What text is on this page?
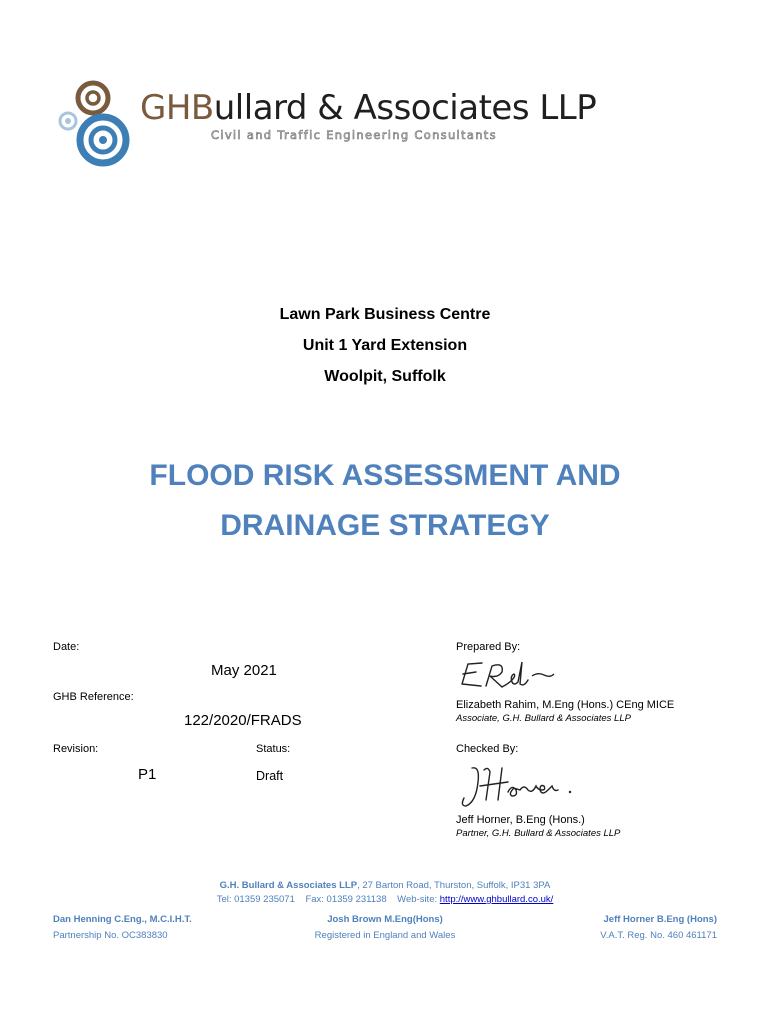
GHBullard & Associates LLP
Civil and Traffic Engineering Consultants
Lawn Park Business Centre
Unit 1 Yard Extension
Woolpit, Suffolk
FLOOD RISK ASSESSMENT AND
DRAINAGE STRATEGY
Date:
May 2021
GHB Reference:
122/2020/FRADS
Revision:	Status:
P1	Draft
Prepared By:
Elizabeth Rahim, M.Eng (Hons.) CEng MICE
Associate, G.H. Bullard & Associates LLP
Checked By:
Jeff Horner, B.Eng (Hons.)
Partner, G.H. Bullard & Associates LLP
G.H. Bullard & Associates LLP, 27 Barton Road, Thurston, Suffolk, IP31 3PA
Tel: 01359 235071 Fax: 01359 231138 Web-site: http://www.ghbullard.co.uk/
Dan Henning C.Eng., M.C.I.H.T.
Partnership No. OC383830
Josh Brown M.Eng(Hons)
Registered in England and Wales
Jeff Horner B.Eng (Hons)
V.A.T. Reg. No. 460 461171
